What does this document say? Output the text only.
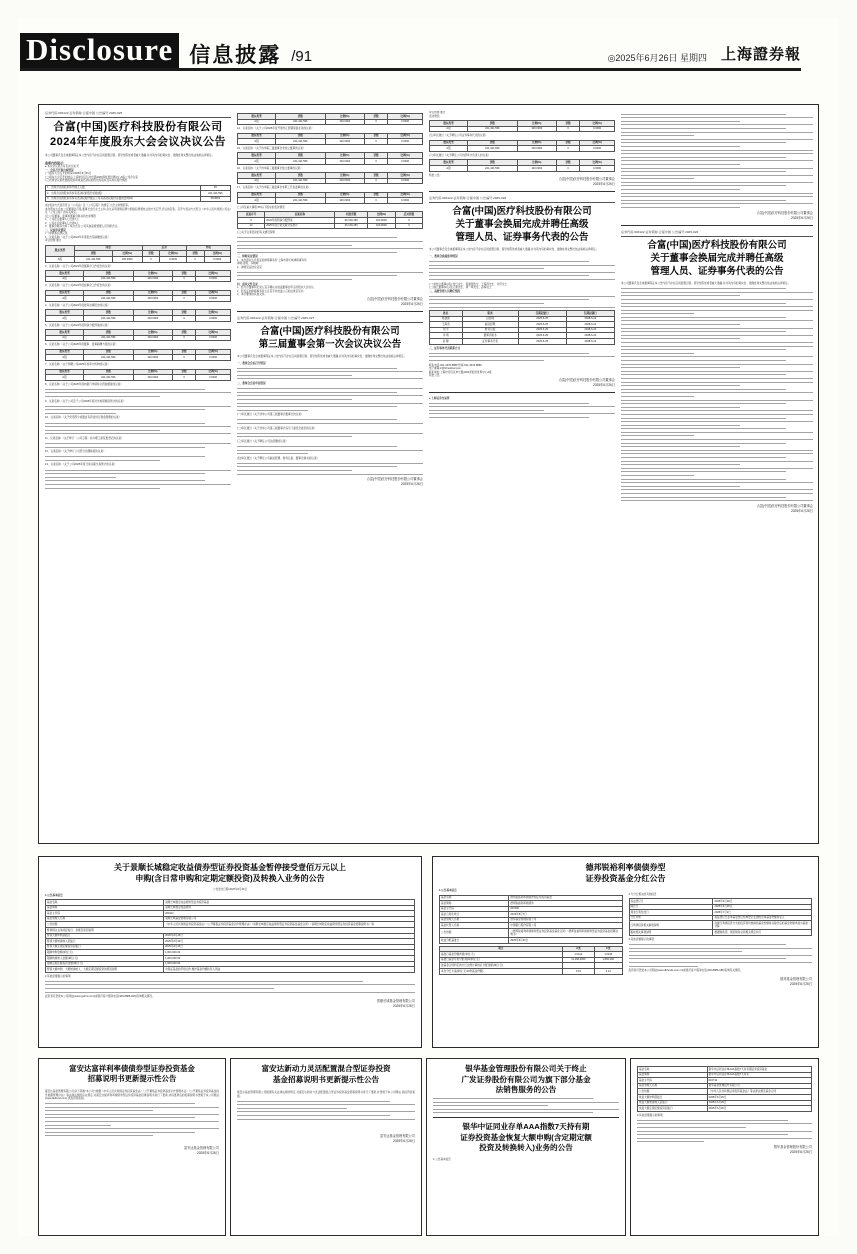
Disclosure 信息披露 /91	◎2025年6月26日 星期四 上海證券報
证券代码:603122 证券简称:合富中国 公告编号:2025-025
合富(中国)医疗科技股份有限公司
2024年年度股东大会会议决议公告
本公司董事会及全体董事保证本公告内容不存在任何虚假记载、误导性陈述或者重大遗漏,并对其内容的真实性、准确性和完整性依法承担法律责任。
重要内容提示:
● 本次会议是否有否决议案:无
一、会议召开和出席情况
(一)股东大会召开的时间:2025年6月25日
(二)股东大会召开的地点:上海市闵行区申长路1000弄虹桥世界中心A栋公司会议室
(三)出席会议的普通股股东和恢复表决权的优先股股东及其持有股份情况:
1、出席会议的股东和代理人人数	25
2、出席会议的股东所持有表决权的股份总数(股)	241,421,596
3、出席会议的股东所持有表决权股份数占公司有表决权股份总数的比例(%)	58.9563
(四)表决方式是否符合《公司法》及《公司章程》的规定,大会主持情况等。
本次股东大会由公司董事会召集,董事长金红女士主持,会议采用现场投票与网络投票相结合的方式召开,会议的召集、召开与表决方式符合《中华人民共和国公司法》及《公司章程》的有关规定。
(五)公司董事、监事和董事会秘书的出席情况
1、公司在任董事7人,出席7人;
2、公司在任监事3人,出席3人;
3、董事会秘书出席了本次会议;公司其他高级管理人员列席会议。
二、议案审议情况
(一)非累积投票议案
1、议案名称:《关于公司2024年年度报告及摘要的议案》
审议结果:通过
股东类型	同意		反对		弃权	
	票数	比例(%)	票数	比例(%)	票数	比例(%)
A股	241,421,596	100.0000	0	0.0000	0	0.0000
2、议案名称:《关于公司2024年度董事会工作报告的议案》
股东类型	票数	比例(%)	票数	比例(%)
A股	241,421,596	100.0000	0	0.0000
3、议案名称:《关于公司2024年度监事会工作报告的议案》
股东类型	票数	比例(%)	票数	比例(%)
A股	241,421,596	100.0000	0	0.0000
4、议案名称:《关于公司2024年度财务决算报告的议案》
股东类型	票数	比例(%)	票数	比例(%)
A股	241,421,596	100.0000	0	0.0000
5、议案名称:《关于公司2024年度利润分配预案的议案》
股东类型	票数	比例(%)	票数	比例(%)
A股	241,421,596	100.0000	0	0.0000
6、议案名称:《关于公司2025年度董事、监事薪酬方案的议案》
股东类型	票数	比例(%)	票数	比例(%)
A股	241,421,596	100.0000	0	0.0000
7、议案名称:《关于续聘公司2025年度审计机构的议案》
股东类型	票数	比例(%)	票数	比例(%)
A股	241,421,596	100.0000	0	0.0000
8、议案名称:《关于公司2025年度向银行申请综合授信额度的议案》
9、议案名称:《关于公司及子公司2025年度对外担保额度预计的议案》
10、议案名称:《关于使用部分闲置自有资金进行现金管理的议案》
11、议案名称:《关于修订〈公司章程〉并办理工商变更登记的议案》
12、议案名称:《关于修订公司部分治理制度的议案》
13、议案名称:《关于公司2025年度日常关联交易预计的议案》
股东类型	票数	比例(%)	票数	比例(%)
A股	241,421,596	100.0000	0	0.0000
14、议案名称:《关于公司2025年度开展外汇套期保值业务的议案》
股东类型	票数	比例(%)	票数	比例(%)
A股	241,421,596	100.0000	0	0.0000
15、议案名称:《关于选举第三届董事会非独立董事的议案》
股东类型	票数	比例(%)	票数	比例(%)
A股	241,421,596	100.0000	0	0.0000
16、议案名称:《关于选举第三届董事会独立董事的议案》
股东类型	票数	比例(%)	票数	比例(%)
A股	241,421,596	100.0000	0	0.0000
17、议案名称:《关于选举第三届监事会非职工代表监事的议案》
股东类型	票数	比例(%)	票数	比例(%)
A股	241,421,596	100.0000	0	0.0000
(二)涉及重大事项,5%以下股东的表决情况
议案序号	议案名称	同意票数	比例(%)	反对票数
5	2024年度利润分配预案	36,109,456	100.0000	0
13	2025年度日常关联交易预计	36,109,456	100.0000	0
(三)关于议案表决的有关情况说明
三、律师见证情况
1、本次股东大会见证的律师事务所:上海市锦天城律师事务所
律师:张明、李晓峰
2、律师见证结论意见:
四、备查文件目录
1、经与会董事和记录人签字确认并加盖董事会印章的股东大会决议;
2、经见证的律师事务所主任签字并加盖公章的法律意见书;
3、本所要求的其他文件。
合富(中国)医疗科技股份有限公司董事会
2025年6月26日
证券代码:603122 证券简称:合富中国 公告编号:2025-027
合富(中国)医疗科技股份有限公司
第三届董事会第一次会议决议公告
本公司董事会及全体董事保证本公告内容不存在任何虚假记载、误导性陈述或者重大遗漏,并对其内容的真实性、准确性和完整性依法承担法律责任。
一、董事会会议召开情况
二、董事会会议审议情况
(一)审议通过《关于选举公司第三届董事会董事长的议案》
(二)审议通过《关于选举公司第三届董事会各专门委员会委员的议案》
(三)审议通过《关于聘任公司总经理的议案》
(四)审议通过《关于聘任公司副总经理、财务总监、董事会秘书的议案》
合富(中国)医疗科技股份有限公司董事会
2025年6月26日
审议结果:通过
表决情况:
股东类型	票数	比例(%)	票数	比例(%)
A股	241,421,596	100.0000	0	0.0000
(五)审议通过《关于聘任公司证券事务代表的议案》
股东类型	票数	比例(%)	票数	比例(%)
A股	241,421,596	100.0000	0	0.0000
(六)审议通过《关于聘任公司内部审计负责人的议案》
股东类型	票数	比例(%)	票数	比例(%)
A股	241,421,596	100.0000	0	0.0000
特此公告。
合富(中国)医疗科技股份有限公司董事会
2025年6月26日
证券代码:603122 证券简称:合富中国 公告编号:2025-026
合富(中国)医疗科技股份有限公司
关于董事会换届完成并聘任高级
管理人员、证券事务代表的公告
本公司董事会及全体董事保证本公告内容不存在任何虚假记载、误导性陈述或者重大遗漏,并对其内容的真实性、准确性和完整性依法承担法律责任。
一、董事会换届选举情况
(一)非独立董事(4名):金红女士、陈建国先生、王海涛先生、刘芳女士
(二)独立董事(3名):张立新先生、周一鸣先生、孙梅女士
二、高级管理人员聘任情况
姓名	职务	任期起始日	任期届满日
陈建国	总经理	2025-6-25	2028-6-24
王海涛	副总经理	2025-6-25	2028-6-24
刘 芳	财务总监	2025-6-25	2028-6-24
李 明	董事会秘书	2025-6-25	2028-6-24
赵 静	证券事务代表	2025-6-25	2028-6-24
三、证券事务代表联系方式
联系电话:021-3333 8888 传真:021-3333 8889
电子邮箱:ir@hfmedical.com
联系地址:上海市闵行区申长路1000弄虹桥世界中心A栋
特此公告。
合富(中国)医疗科技股份有限公司董事会
2025年6月26日
● 上海证券交易所
合富(中国)医疗科技股份有限公司董事会
2025年6月26日
证券代码:603122 证券简称:合富中国 公告编号:2025-026
合富(中国)医疗科技股份有限公司
关于董事会换届完成并聘任高级
管理人员、证券事务代表的公告
本公司董事会及全体董事保证本公告内容不存在任何虚假记载、误导性陈述或者重大遗漏,并对其内容的真实性、准确性和完整性依法承担法律责任。
合富(中国)医疗科技股份有限公司董事会
2025年6月26日
关于景顺长城稳定收益债券型证券投资基金暂停接受壹佰万元以上
申购(含日常申购和定期定额投资)及转换入业务的公告
公告送出日期:2025年6月26日
1.公告基本信息
基金名称	景顺长城稳定收益债券型证券投资基金
基金简称	景顺长城稳定收益债券
基金主代码	260112
基金管理人名称	景顺长城基金管理有限公司
公告依据	《中华人民共和国证券投资基金法》《公开募集证券投资基金运作管理办法》《景顺长城稳定收益债券型证券投资基金基金合同》《景顺长城稳定收益债券型证券投资基金招募说明书》等
暂停相关业务的起始日、金额及原因说明	
暂停大额申购起始日	2025年6月26日
暂停大额转换转入起始日	2025年6月26日
暂停大额定期定额投资起始日	2025年6月26日
限制申购金额(单位:元)	1,000,000.00
限制转换转入金额(单位:元)	1,000,000.00
限制定期定额投资金额(单位:元)	1,000,000.00
暂停大额申购、大额转换转入、大额定期定额投资的原因说明	为保证基金的平稳运作,维护基金份额持有人利益
2.其他需要提示的事项
投资者可登录本公司网站(www.igwfmc.com)或拨打客户服务电话(400-8888-606)咨询相关情况。
景顺长城基金管理有限公司
2025年6月26日
德邦锐裕利率债债券型
证券投资基金分红公告
1.公告基本信息
基金名称	德邦锐裕利率债债券型证券投资基金
基金简称	德邦锐裕利率债债券
基金主代码	007490
基金合同生效日	2019年8月7日
基金管理人名称	德邦基金管理有限公司
基金托管人名称	中国银行股份有限公司
公告依据	《德邦锐裕利率债债券型证券投资基金基金合同》《德邦锐裕利率债债券型证券投资基金招募说明书》
收益分配基准日	2025年6月20日
项目	A类	C类
基准日基金份额净值(单位:元)	1.0412	1.0333
基准日基金可供分配利润(单位:元)	11,468,0000	1,860,000
按基金合同约定的分红比例计算的应分配金额(单位:元)		
本次分红方案(单位:元/10份基金份额)	0.15	0.12
2.与分红相关的其他信息
权益登记日	2025年6月30日
除息日	2025年6月30日
现金红利发放日	2025年7月2日
分红对象	权益登记日在本基金登记机构登记在册的全体基金份额持有人
红利再投资相关事项说明	选择红利再投资方式的投资者所转换的基金份额将以除息后的基金份额净值为基准计算
税收相关事项说明	根据财政部、国家税务总局相关规定执行
3.其他需要提示的事项
投资者可登录本公司网站(www.dbfunds.com.cn)或拨打客户服务电话(400-8888-186)咨询有关情况。
德邦基金管理有限公司
2025年6月26日
富安达富祥利率债债券型证券投资基金
招募说明书更新提示性公告
富安达基金管理有限公司(以下简称"本公司")根据《中华人民共和国证券投资基金法》《公开募集证券投资基金运作管理办法》《公开募集证券投资基金信息披露管理办法》等法律法规的有关规定,对富安达富祥利率债债券型证券投资基金招募说明书进行了更新,并将更新后的招募说明书登载于本公司网站(www.fadfund.com),供投资者查阅。
富安达基金管理有限公司
2025年6月26日
富安达新动力灵活配置混合型证券投资
基金招募说明书更新提示性公告
富安达基金管理有限公司根据有关法律法规的规定,对富安达新动力灵活配置混合型证券投资基金招募说明书进行了更新,并登载于本公司网站,供投资者查阅。
富安达基金管理有限公司
2025年6月26日
银华基金管理股份有限公司关于终止
广发证券股份有限公司为旗下部分基金
法销售服务的公告
银华中证同业存单AAA指数7天持有期
证券投资基金恢复大额申购(含定期定额
投资及转换转入)业务的公告
1.公告基本信息
基金名称	银华中证同业存单AAA指数7天持有期证券投资基金
基金简称	银华中证同业存单AAA指数7天持有
基金主代码	016712
基金管理人名称	银华基金管理股份有限公司
公告依据	《中华人民共和国证券投资基金法》等法律法规及基金合同
恢复大额申购起始日	2025年6月26日
恢复大额转换转入起始日	2025年6月26日
恢复大额定期定额投资起始日	2025年6月26日
2.其他需要提示的事项
银华基金管理股份有限公司
2025年6月26日
